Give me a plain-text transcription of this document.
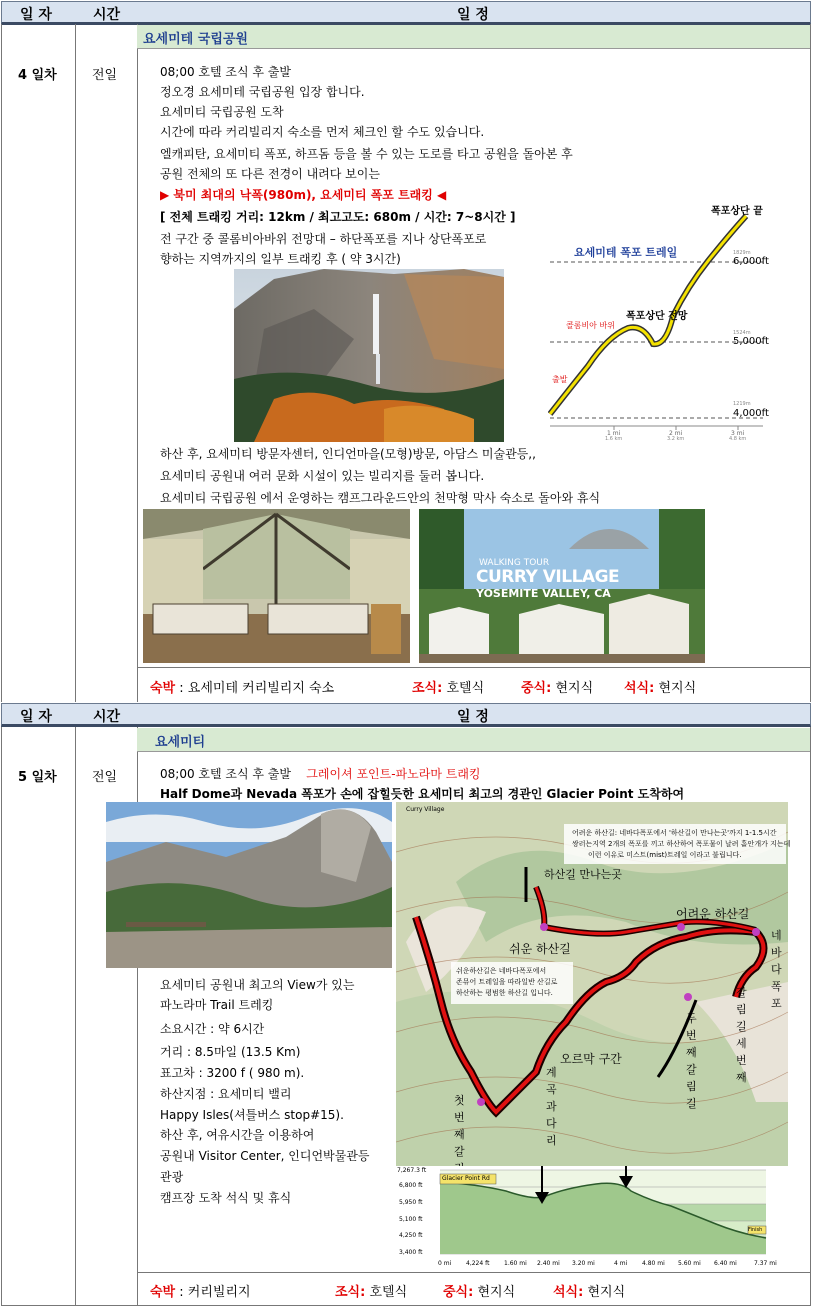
일 자	시간	일 정
요세미테 국립공원
4 일차	전일	08;00 호텔 조식 후 출발
정오경 요세미테 국립공원 입장 합니다.
요세미티 국립공원 도착
시간에 따라 커리빌리지 숙소를 먼저 체크인 할 수도 있습니다.
엘캐피탄, 요세미티 폭포, 하프돔 등을 볼 수 있는 도로를 타고 공원을 돌아본 후
공원 전체의 또 다른 전경이 내려다 보이는
▶ 북미 최대의 낙폭(980m), 요세미티 폭포 트래킹 ◀
[ 전체 트래킹 거리: 12km / 최고고도: 680m / 시간: 7~8시간 ]
전 구간 중 콜롬비아바위 전망대 – 하단폭포를 지나 상단폭포로
향하는 지역까지의 일부 트래킹 후 ( 약 3시간)	요세미테 폭포 트레일
폭포상단 끝
폭포상단 전망
콜롬비아 바위
출발
6,000ft
5,000ft
4,000ft
1829m
1524m
1219m
1 mi	2 mi	3 mi
1.6 km	3.2 km	4.8 km
하산 후, 요세미티 방문자센터, 인디언마을(모형)방문, 아담스 미술관등,,
요세미티 공원내 여러 문화 시설이 있는 빌리지를 둘러 봅니다.
요세미티 국립공원 에서 운영하는 캠프그라운드안의 천막형 막사 숙소로 돌아와 휴식
WALKING TOUR
CURRY VILLAGE
YOSEMITE VALLEY, CA
숙박 : 요세미테 커리빌리지 숙소	조식: 호텔식	중식: 현지식 석식: 현지식
일 자	시간	일 정
요세미티
5 일차	전일	08;00 호텔 조식 후 출발 그레이셔 포인트-파노라마 트래킹
Half Dome과 Nevada 폭포가 손에 잡힐듯한 요세미티 최고의 경관인 Glacier Point 도착하여
요세미티 공원내 최고의 View가 있는
파노라마 Trail 트레킹
소요시간 : 약 6시간
거리 : 8.5마일 (13.5 Km)
표고차 : 3200 f ( 980 m).
하산지점 : 요세미티 밸리
Happy Isles(셔틀버스 stop#15).
하산 후, 여유시간을 이용하여
공원내 Visitor Center, 인디언박물관등
관광
캠프장 도착 석식 및 휴식
어려운 하산길: 네바다폭포에서 '하산길이 만나는곳'까지 1-1.5시간
쌍러는지역 2개의 폭포를 끼고 하산하여 폭포물이 날려 흩안개가 지는데
이런 이유로 미스트(mist)트레일 이라고 불립니다.
하산길 만나는곳
어려운 하산길
쉬운 하산길
쉬운하산길은 네바다폭포에서
존뮤어 트레일을 따라일반 산길로
하산하는 평범한 하산길 입니다.
오르막 구간
네바다폭포
첫번째갈
두번째갈림길
갈림길세번째
계곡과다리
Curry Village
7,267.3 ft
6,800 ft
5,950 ft
5,100 ft
4,250 ft
3,400 ft
Glacier Point Rd
Finish
0 mi 4,224 ft 1.60 mi 2.40 mi 3.20 mi	4 mi 4.80 mi 5.60 mi 6.40 mi	7.37 mi
숙박 : 커리빌리지	조식: 호텔식	중식: 현지식	석식: 현지식
